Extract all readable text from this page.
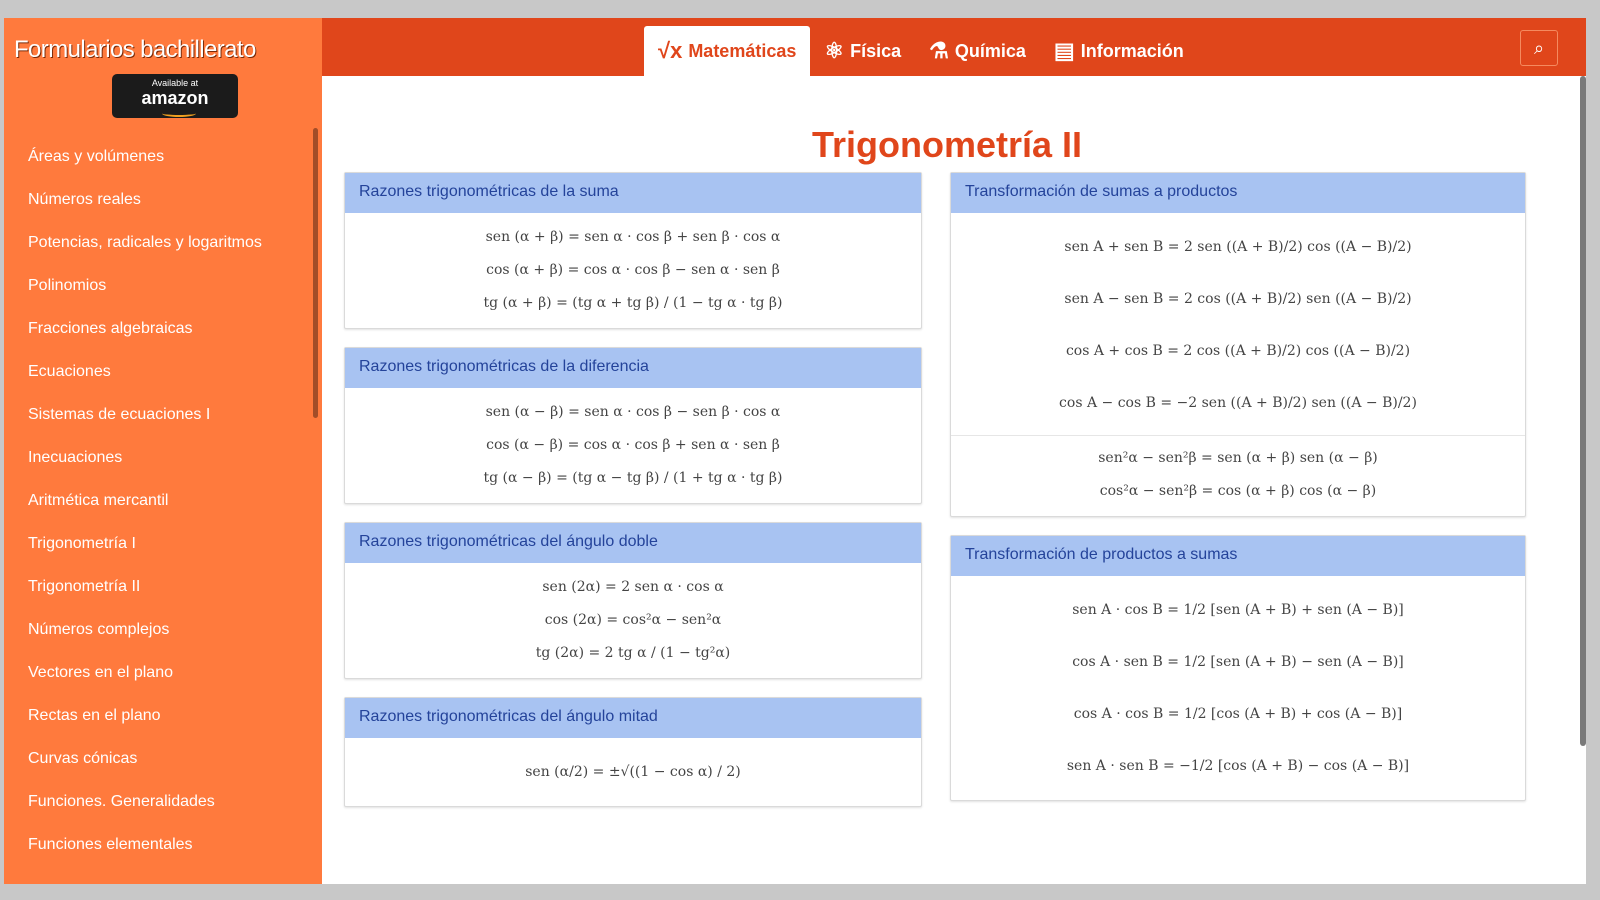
Formularios bachillerato
Available at
amazon
Áreas y volúmenes
Números reales
Potencias, radicales y logaritmos
Polinomios
Fracciones algebraicas
Ecuaciones
Sistemas de ecuaciones I
Inecuaciones
Aritmética mercantil
Trigonometría I
Trigonometría II
Números complejos
Vectores en el plano
Rectas en el plano
Curvas cónicas
Funciones. Generalidades
Funciones elementales
√x Matemáticas ⚛ Física ⚗ Química ▤ Información	⌕
Trigonometría II
Razones trigonométricas de la suma
sen (α + β) = sen α · cos β + sen β · cos α
cos (α + β) = cos α · cos β − sen α · sen β
tg (α + β) = (tg α + tg β) / (1 − tg α · tg β)
Razones trigonométricas de la diferencia
sen (α − β) = sen α · cos β − sen β · cos α
cos (α − β) = cos α · cos β + sen α · sen β
tg (α − β) = (tg α − tg β) / (1 + tg α · tg β)
Razones trigonométricas del ángulo doble
sen (2α) = 2 sen α · cos α
cos (2α) = cos²α − sen²α
tg (2α) = 2 tg α / (1 − tg²α)
Razones trigonométricas del ángulo mitad
sen (α/2) = ±√((1 − cos α) / 2)
Transformación de sumas a productos
sen A + sen B = 2 sen ((A + B)/2) cos ((A − B)/2)
sen A − sen B = 2 cos ((A + B)/2) sen ((A − B)/2)
cos A + cos B = 2 cos ((A + B)/2) cos ((A − B)/2)
cos A − cos B = −2 sen ((A + B)/2) sen ((A − B)/2)
sen²α − sen²β = sen (α + β) sen (α − β)
cos²α − sen²β = cos (α + β) cos (α − β)
Transformación de productos a sumas
sen A · cos B = 1/2 [sen (A + B) + sen (A − B)]
cos A · sen B = 1/2 [sen (A + B) − sen (A − B)]
cos A · cos B = 1/2 [cos (A + B) + cos (A − B)]
sen A · sen B = −1/2 [cos (A + B) − cos (A − B)]
